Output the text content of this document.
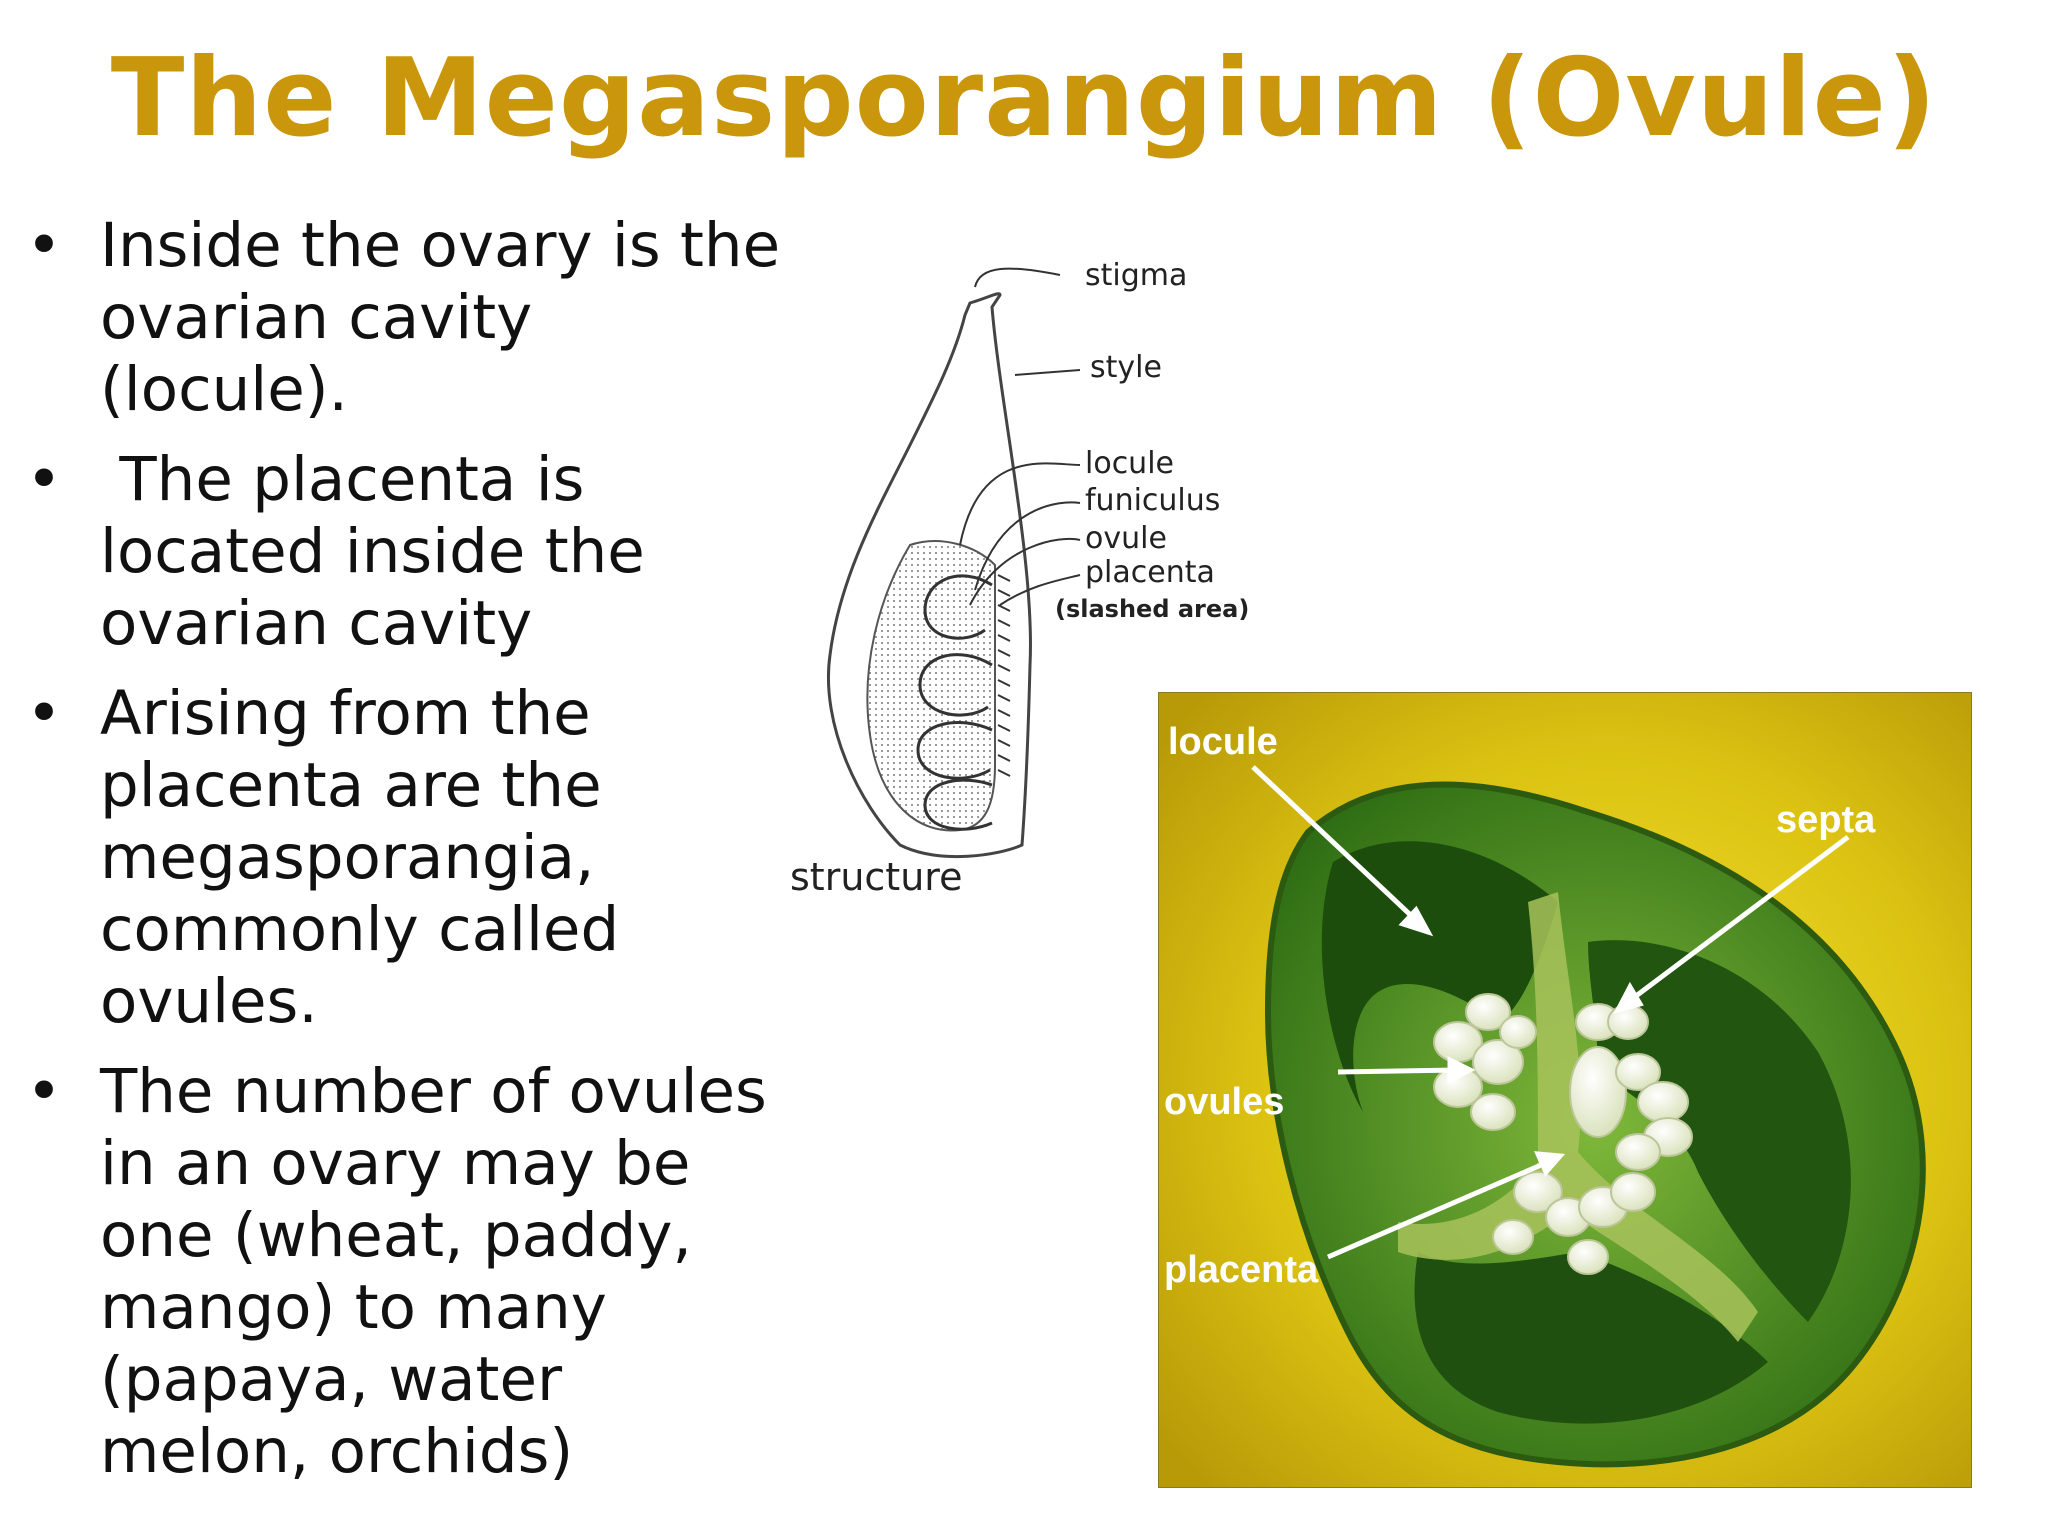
The Megasporangium (Ovule)
• Inside the ovary is the ovarian cavity (locule).
• The placenta is located inside the ovarian cavity
• Arising from the placenta are the megasporangia, commonly called ovules.
• The number of ovules in an ovary may be one (wheat, paddy, mango) to many (papaya, water melon, orchids)
stigma
style
locule
funiculus
ovule
placenta
(slashed area)
structure
locule
septa
ovules
placenta
